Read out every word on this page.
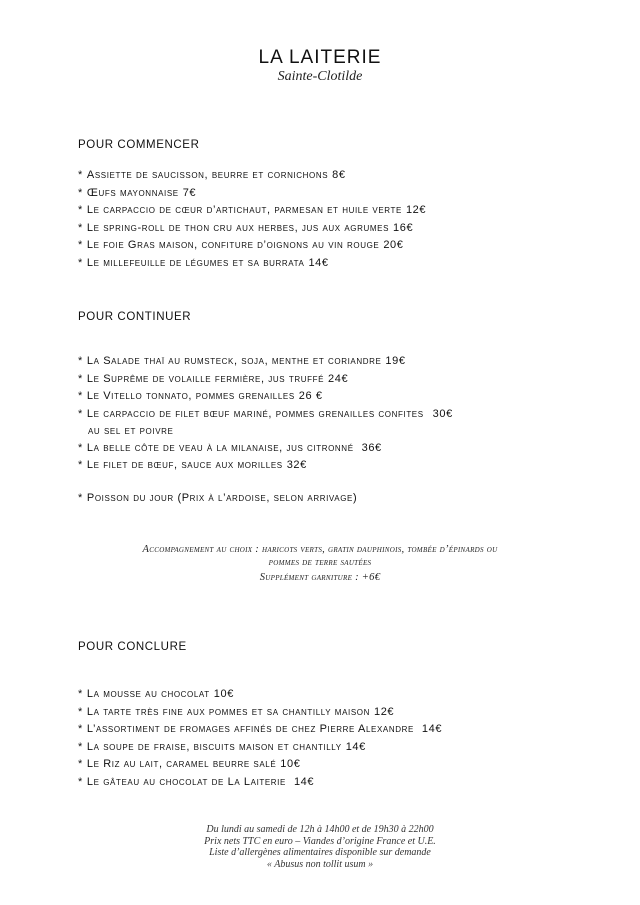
LA LAITERIE
Sainte-Clotilde
POUR COMMENCER
* Assiette de saucisson, beurre et cornichons 8€
* Œufs mayonnaise 7€
* Le carpaccio de cœur d’artichaut, parmesan et huile verte 12€
* Le spring-roll de thon cru aux herbes, jus aux agrumes 16€
* Le foie Gras maison, confiture d’oignons au vin rouge 20€
* Le millefeuille de légumes et sa burrata 14€
POUR CONTINUER
* La Salade thaï au rumsteck, soja, menthe et coriandre 19€
* Le Suprême de volaille fermière, jus truffé 24€
* Le Vitello tonnato, pommes grenailles 26 €
* Le carpaccio de filet bœuf mariné, pommes grenailles confites 30€
au sel et poivre
* La belle côte de veau à la milanaise, jus citronné 36€
* Le filet de bœuf, sauce aux morilles 32€
* Poisson du jour (Prix à l’ardoise, selon arrivage)
Accompagnement au choix : haricots verts, gratin dauphinois, tombée d’épinards ou
pommes de terre sautées
Supplément garniture : +6€
POUR CONCLURE
* La mousse au chocolat 10€
* La tarte très fine aux pommes et sa chantilly maison 12€
* L’assortiment de fromages affinés de chez Pierre Alexandre 14€
* La soupe de fraise, biscuits maison et chantilly 14€
* Le Riz au lait, caramel beurre salé 10€
* Le gâteau au chocolat de La Laiterie 14€
Du lundi au samedi de 12h à 14h00 et de 19h30 à 22h00
Prix nets TTC en euro – Viandes d’origine France et U.E.
Liste d’allergènes alimentaires disponible sur demande
« Abusus non tollit usum »
